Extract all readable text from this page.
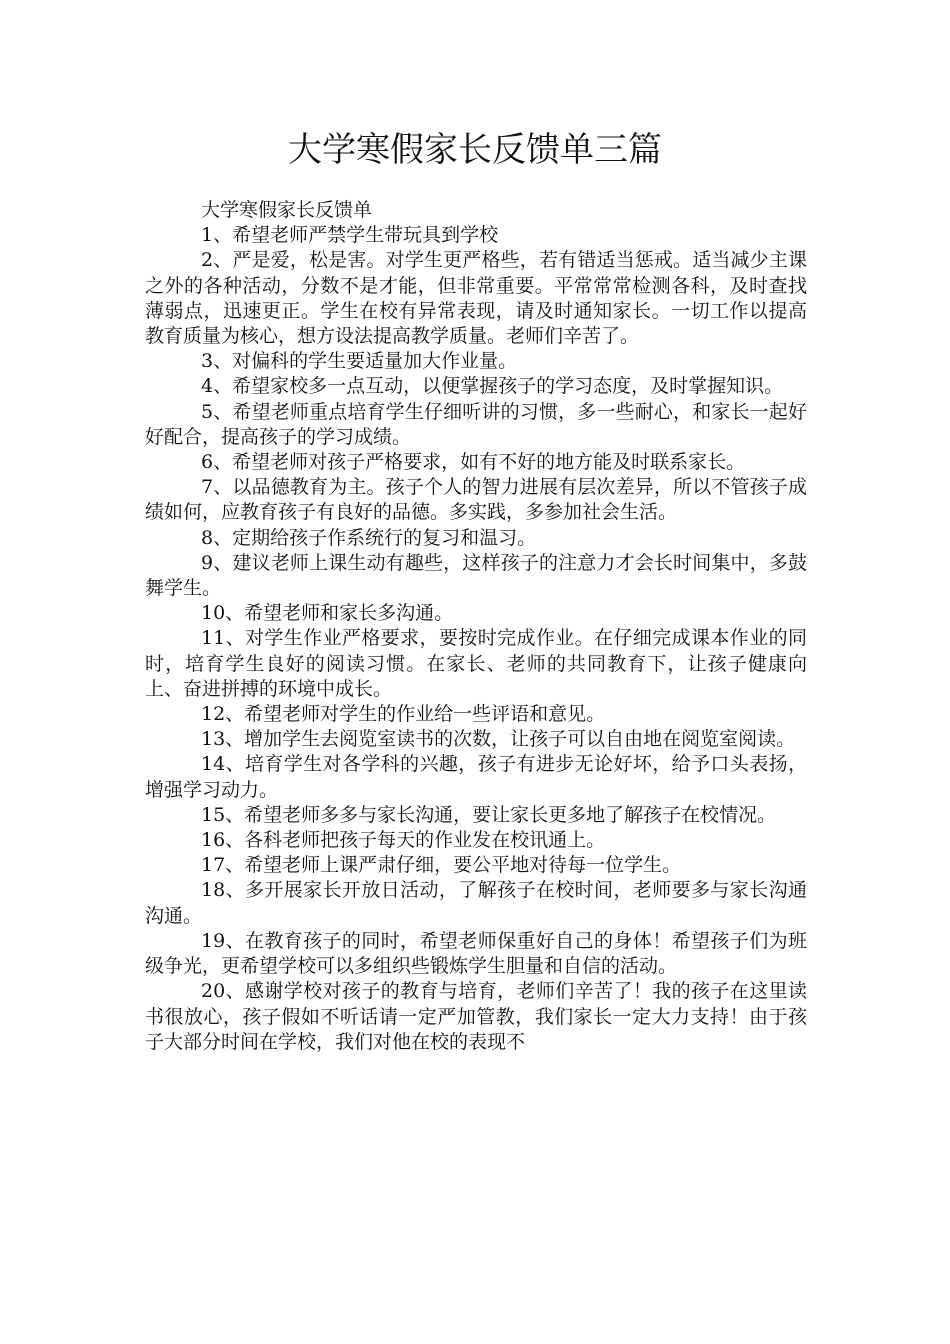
大学寒假家长反馈单三篇

大学寒假家长反馈单

1、希望老师严禁学生带玩具到学校

2、严是爱，松是害。对学生更严格些，若有错适当惩戒。适当减少主课之外的各种活动，分数不是才能，但非常重要。平常常常检测各科，及时查找薄弱点，迅速更正。学生在校有异常表现，请及时通知家长。一切工作以提高教育质量为核心，想方设法提高教学质量。老师们辛苦了。

3、对偏科的学生要适量加大作业量。

4、希望家校多一点互动，以便掌握孩子的学习态度，及时掌握知识。

5、希望老师重点培育学生仔细听讲的习惯，多一些耐心，和家长一起好好配合，提高孩子的学习成绩。

6、希望老师对孩子严格要求，如有不好的地方能及时联系家长。

7、以品德教育为主。孩子个人的智力进展有层次差异，所以不管孩子成绩如何，应教育孩子有良好的品德。多实践，多参加社会生活。

8、定期给孩子作系统行的复习和温习。

9、建议老师上课生动有趣些，这样孩子的注意力才会长时间集中，多鼓舞学生。

10、希望老师和家长多沟通。

11、对学生作业严格要求，要按时完成作业。在仔细完成课本作业的同时，培育学生良好的阅读习惯。在家长、老师的共同教育下，让孩子健康向上、奋进拼搏的环境中成长。

12、希望老师对学生的作业给一些评语和意见。

13、增加学生去阅览室读书的次数，让孩子可以自由地在阅览室阅读。

14、培育学生对各学科的兴趣，孩子有进步无论好坏，给予口头表扬，增强学习动力。

15、希望老师多多与家长沟通，要让家长更多地了解孩子在校情况。

16、各科老师把孩子每天的作业发在校讯通上。

17、希望老师上课严肃仔细，要公平地对待每一位学生。

18、多开展家长开放日活动，了解孩子在校时间，老师要多与家长沟通沟通。

19、在教育孩子的同时，希望老师保重好自己的身体！希望孩子们为班级争光，更希望学校可以多组织些锻炼学生胆量和自信的活动。

20、感谢学校对孩子的教育与培育，老师们辛苦了！我的孩子在这里读书很放心，孩子假如不听话请一定严加管教，我们家长一定大力支持！由于孩子大部分时间在学校，我们对他在校的表现不
